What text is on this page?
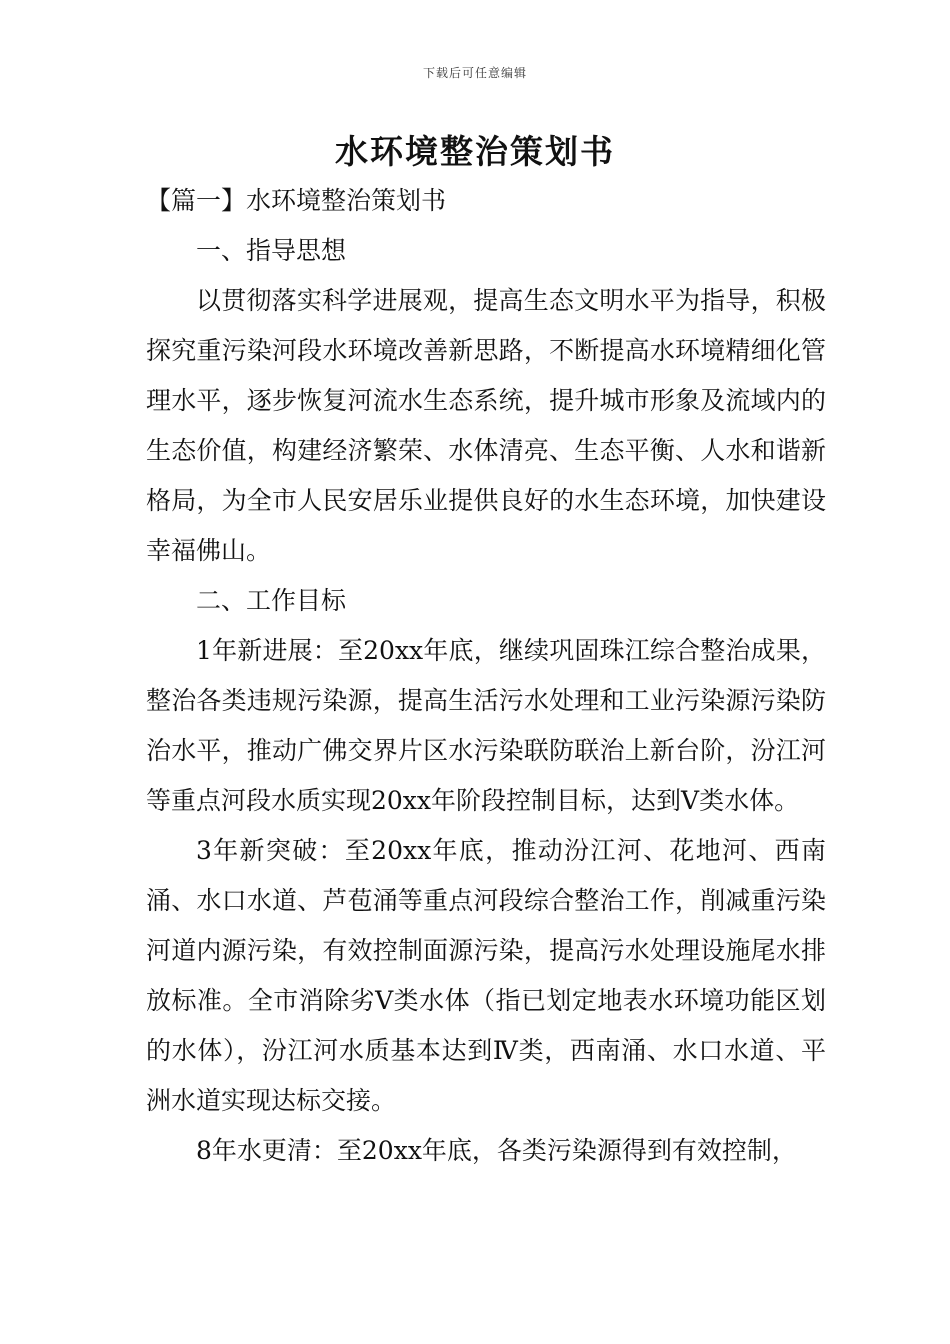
下载后可任意编辑
水环境整治策划书

【篇一】水环境整治策划书

一、指导思想

以贯彻落实科学进展观，提高生态文明水平为指导，积极探究重污染河段水环境改善新思路，不断提高水环境精细化管理水平，逐步恢复河流水生态系统，提升城市形象及流域内的生态价值，构建经济繁荣、水体清亮、生态平衡、人水和谐新格局，为全市人民安居乐业提供良好的水生态环境，加快建设幸福佛山。

二、工作目标

1年新进展：至20xx年底，继续巩固珠江综合整治成果，整治各类违规污染源，提高生活污水处理和工业污染源污染防治水平，推动广佛交界片区水污染联防联治上新台阶，汾江河等重点河段水质实现20xx年阶段控制目标，达到Ⅴ类水体。

3年新突破：至20xx年底，推动汾江河、花地河、西南涌、水口水道、芦苞涌等重点河段综合整治工作，削减重污染河道内源污染，有效控制面源污染，提高污水处理设施尾水排放标准。全市消除劣Ⅴ类水体（指已划定地表水环境功能区划的水体），汾江河水质基本达到Ⅳ类，西南涌、水口水道、平洲水道实现达标交接。

8年水更清：至20xx年底，各类污染源得到有效控制，
